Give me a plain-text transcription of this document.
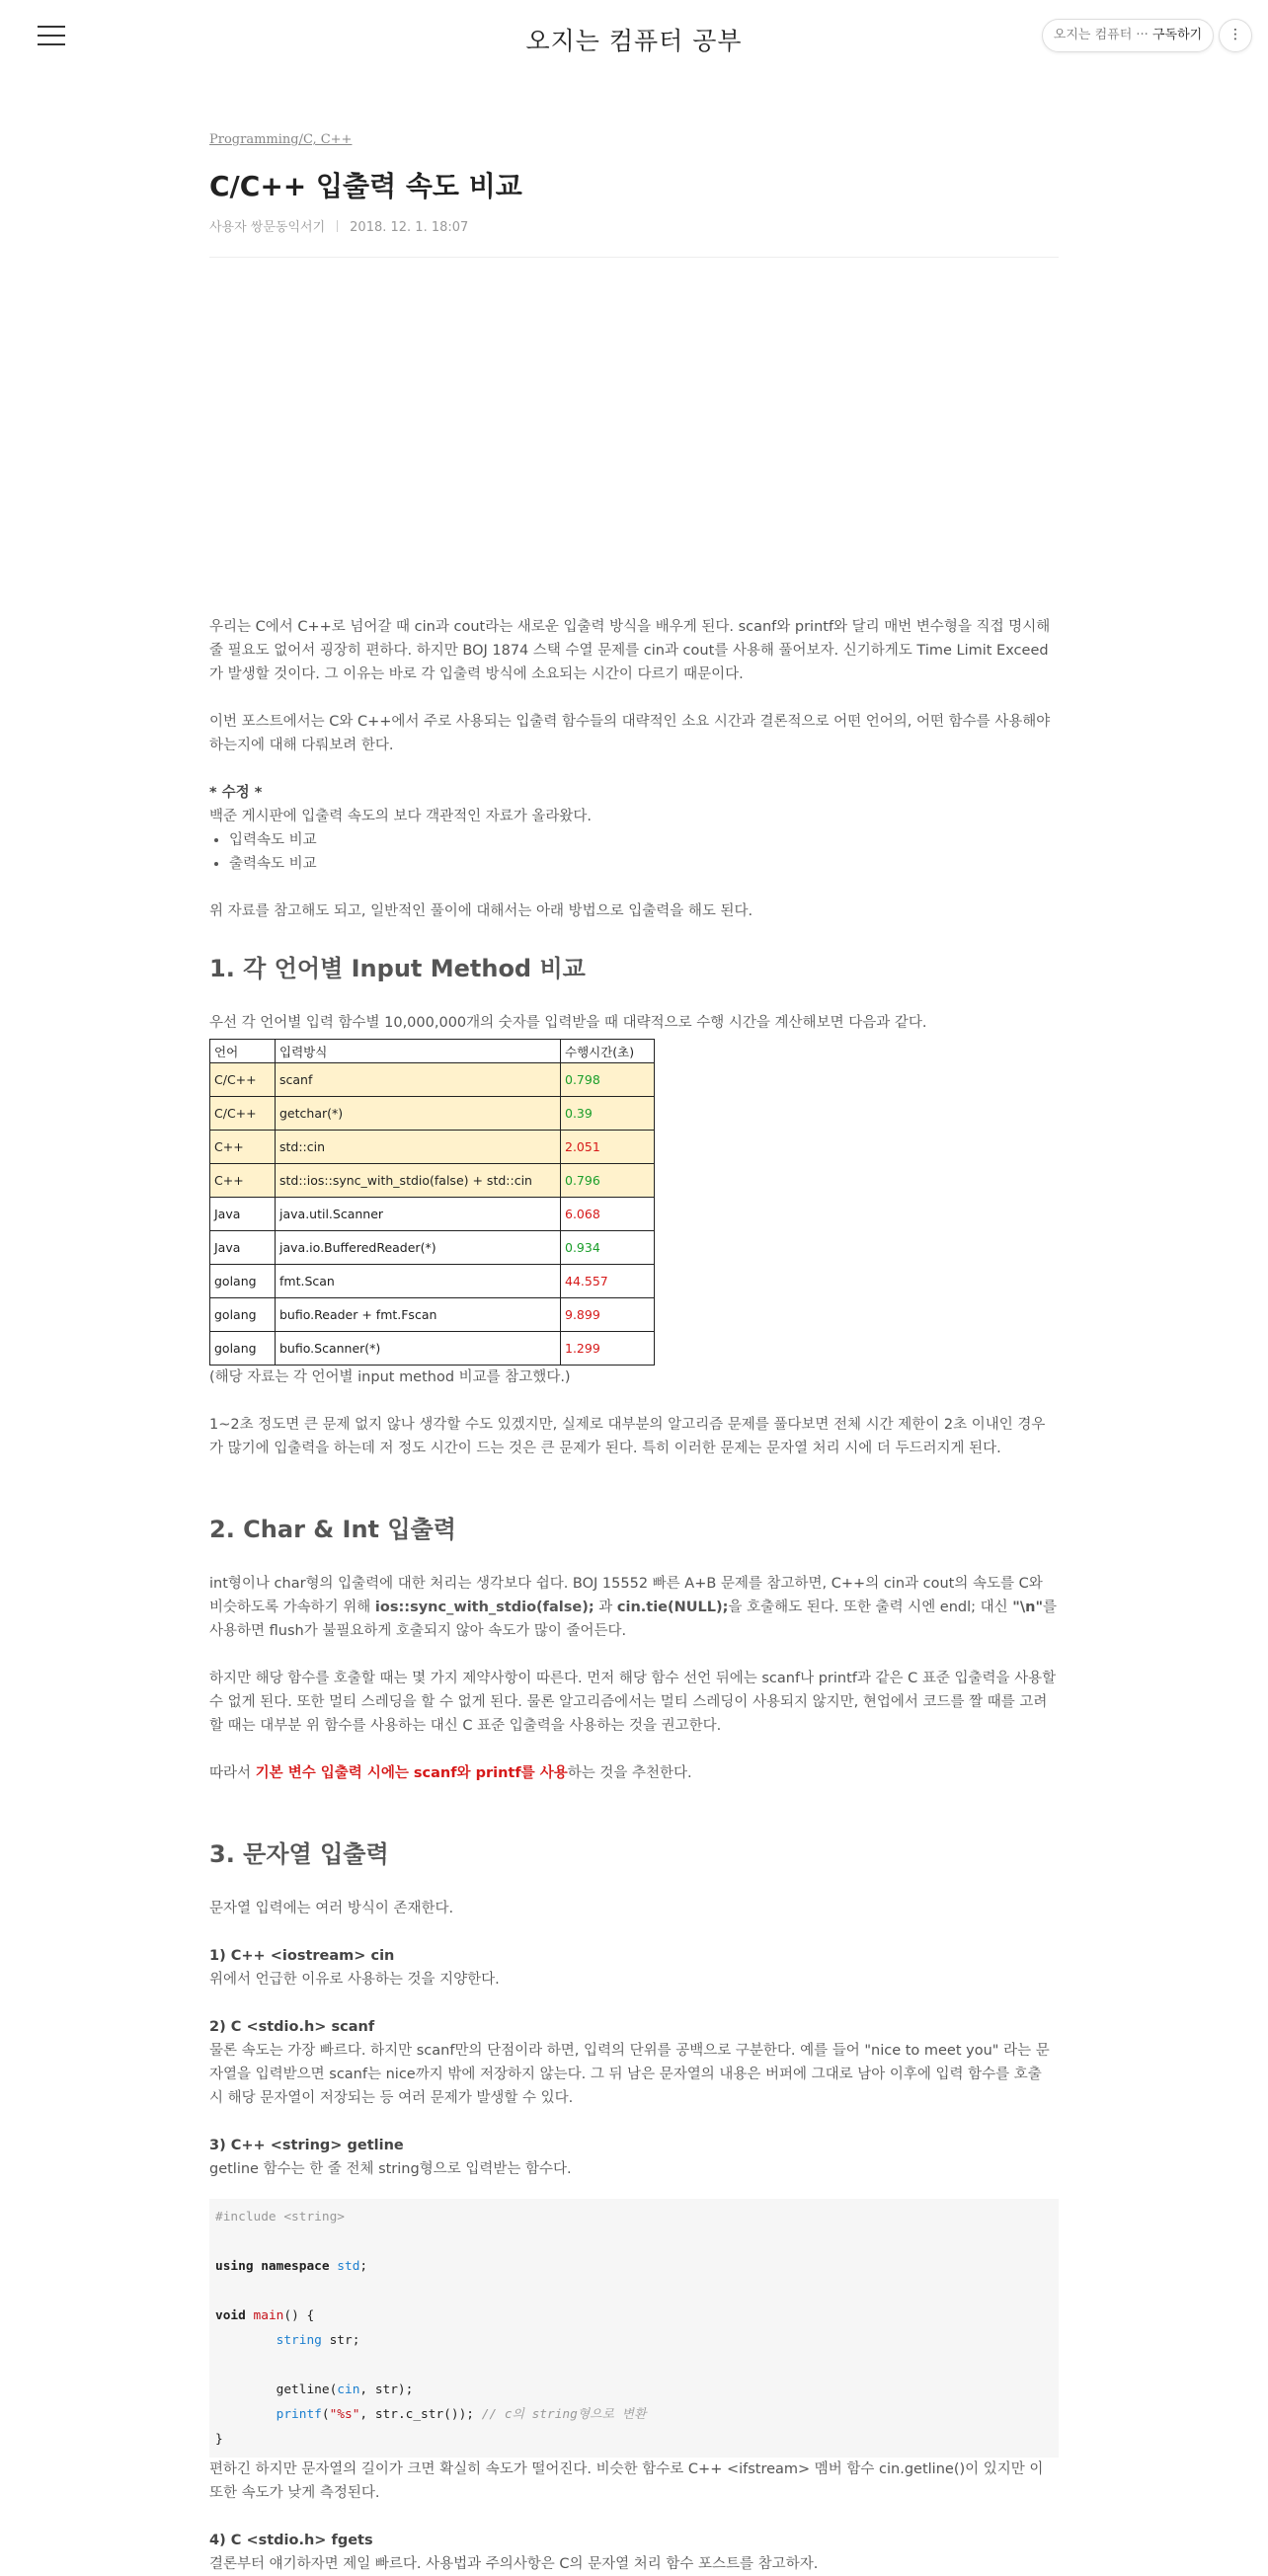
오지는 컴퓨터 공부	오지는 컴퓨터 ··· 구독하기	⋮
Programming/C, C++
C/C++ 입출력 속도 비교
사용자 쌍문동익서기 2018. 12. 1. 18:07

우리는 C에서 C++로 넘어갈 때 cin과 cout라는 새로운 입출력 방식을 배우게 된다. scanf와 printf와 달리 매번 변수형을 직접 명시해줄 필요도 없어서 굉장히 편하다. 하지만 BOJ 1874 스택 수열 문제를 cin과 cout를 사용해 풀어보자. 신기하게도 Time Limit Exceed가 발생할 것이다. 그 이유는 바로 각 입출력 방식에 소요되는 시간이 다르기 때문이다.

이번 포스트에서는 C와 C++에서 주로 사용되는 입출력 함수들의 대략적인 소요 시간과 결론적으로 어떤 언어의, 어떤 함수를 사용해야 하는지에 대해 다뤄보려 한다.

* 수정 *

백준 게시판에 입출력 속도의 보다 객관적인 자료가 올라왔다.

• 입력속도 비교
• 출력속도 비교

위 자료를 참고해도 되고, 일반적인 풀이에 대해서는 아래 방법으로 입출력을 해도 된다.

1. 각 언어별 Input Method 비교

우선 각 언어별 입력 함수별 10,000,000개의 숫자를 입력받을 때 대략적으로 수행 시간을 계산해보면 다음과 같다.

언어	입력방식	수행시간(초)
C/C++	scanf	0.798
C/C++	getchar(*)	0.39
C++	std::cin	2.051
C++	std::ios::sync_with_stdio(false) + std::cin	0.796
Java	java.util.Scanner	6.068
Java	java.io.BufferedReader(*)	0.934
golang	fmt.Scan	44.557
golang	bufio.Reader + fmt.Fscan	9.899
golang	bufio.Scanner(*)	1.299

(해당 자료는 각 언어별 input method 비교를 참고했다.)

1~2초 정도면 큰 문제 없지 않나 생각할 수도 있겠지만, 실제로 대부분의 알고리즘 문제를 풀다보면 전체 시간 제한이 2초 이내인 경우가 많기에 입출력을 하는데 저 정도 시간이 드는 것은 큰 문제가 된다. 특히 이러한 문제는 문자열 처리 시에 더 두드러지게 된다.

2. Char & Int 입출력

int형이나 char형의 입출력에 대한 처리는 생각보다 쉽다. BOJ 15552 빠른 A+B 문제를 참고하면, C++의 cin과 cout의 속도를 C와 비슷하도록 가속하기 위해 ios::sync_with_stdio(false); 과 cin.tie(NULL);을 호출해도 된다. 또한 출력 시엔 endl; 대신 "\n"를 사용하면 flush가 불필요하게 호출되지 않아 속도가 많이 줄어든다.

하지만 해당 함수를 호출할 때는 몇 가지 제약사항이 따른다. 먼저 해당 함수 선언 뒤에는 scanf나 printf과 같은 C 표준 입출력을 사용할 수 없게 된다. 또한 멀티 스레딩을 할 수 없게 된다. 물론 알고리즘에서는 멀티 스레딩이 사용되지 않지만, 현업에서 코드를 짤 때를 고려할 때는 대부분 위 함수를 사용하는 대신 C 표준 입출력을 사용하는 것을 권고한다.

따라서 기본 변수 입출력 시에는 scanf와 printf를 사용하는 것을 추천한다.

3. 문자열 입출력

문자열 입력에는 여러 방식이 존재한다.

1) C++ <iostream> cin

위에서 언급한 이유로 사용하는 것을 지양한다.

2) C <stdio.h> scanf

물론 속도는 가장 빠르다. 하지만 scanf만의 단점이라 하면, 입력의 단위를 공백으로 구분한다. 예를 들어 "nice to meet you" 라는 문자열을 입력받으면 scanf는 nice까지 밖에 저장하지 않는다. 그 뒤 남은 문자열의 내용은 버퍼에 그대로 남아 이후에 입력 함수를 호출 시 해당 문자열이 저장되는 등 여러 문제가 발생할 수 있다.

3) C++ <string> getline

getline 함수는 한 줄 전체 string형으로 입력받는 함수다.

#include <string>

using namespace std;

void main() {
string str;

getline(cin, str);
printf("%s", str.c_str()); // c의 string형으로 변환
}

편하긴 하지만 문자열의 길이가 크면 확실히 속도가 떨어진다. 비슷한 함수로 C++ <ifstream> 멤버 함수 cin.getline()이 있지만 이 또한 속도가 낮게 측정된다.

4) C <stdio.h> fgets

결론부터 얘기하자면 제일 빠르다. 사용법과 주의사항은 C의 문자열 처리 함수 포스트를 참고하자.
